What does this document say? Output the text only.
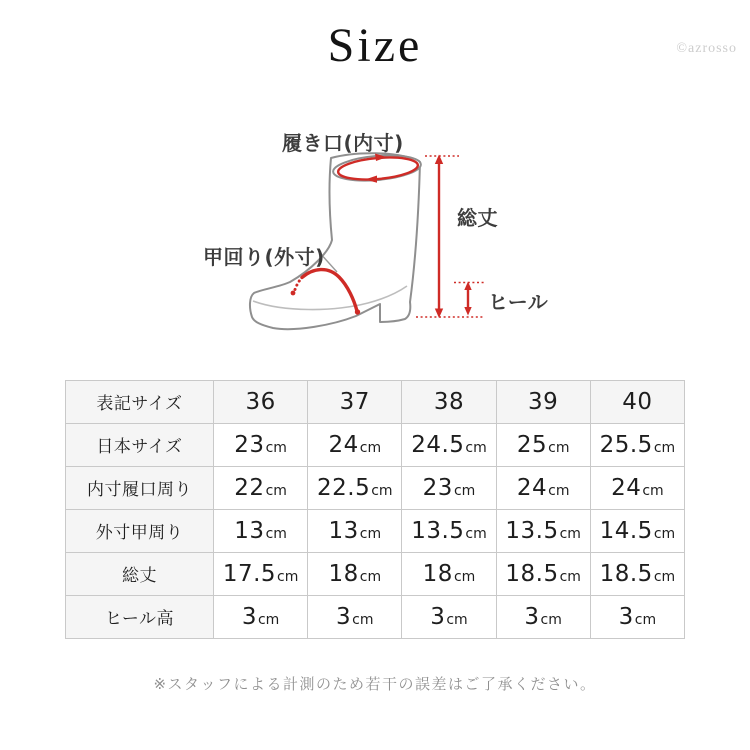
Size	©azrosso
履き口(内寸)
甲回り(外寸)
総丈
ヒール
表記サイズ	36	37	38	39	40
日本サイズ	23cm	24cm	24.5cm	25cm	25.5cm
内寸履口周り	22cm	22.5cm	23cm	24cm	24cm
外寸甲周り	13cm	13cm	13.5cm	13.5cm	14.5cm
総丈	17.5cm	18cm	18cm	18.5cm	18.5cm
ヒール高	3cm	3cm	3cm	3cm	3cm
※スタッフによる計測のため若干の誤差はご了承ください。
